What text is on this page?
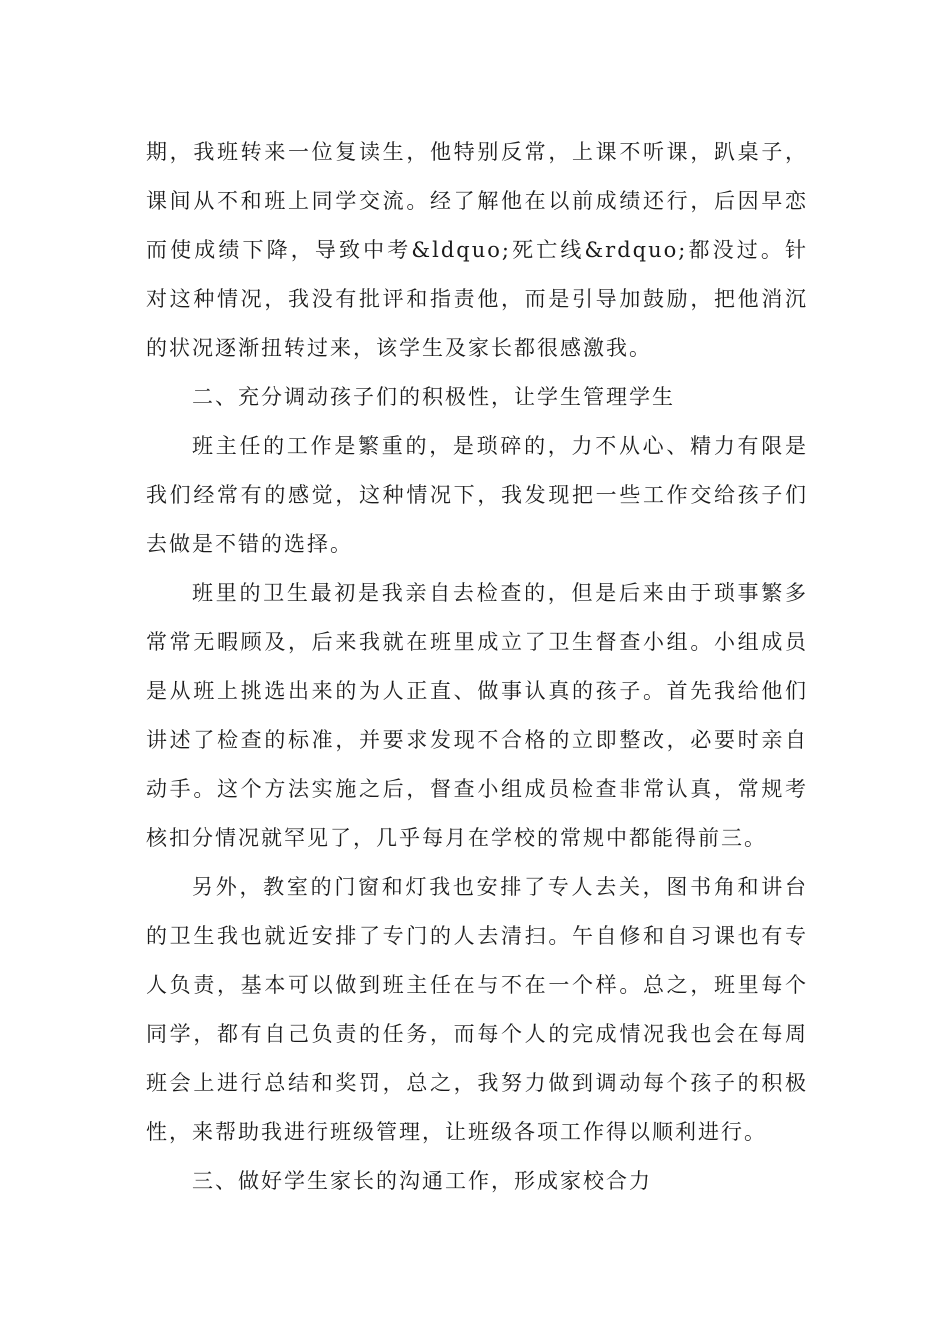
期，我班转来一位复读生，他特别反常，上课不听课，趴桌子，课间从不和班上同学交流。经了解他在以前成绩还行，后因早恋而使成绩下降，导致中考&ldquo;死亡线&rdquo;都没过。针对这种情况，我没有批评和指责他，而是引导加鼓励，把他消沉的状况逐渐扭转过来，该学生及家长都很感激我。

二、充分调动孩子们的积极性，让学生管理学生

班主任的工作是繁重的，是琐碎的，力不从心、精力有限是我们经常有的感觉，这种情况下，我发现把一些工作交给孩子们去做是不错的选择。

班里的卫生最初是我亲自去检查的，但是后来由于琐事繁多常常无暇顾及，后来我就在班里成立了卫生督查小组。小组成员是从班上挑选出来的为人正直、做事认真的孩子。首先我给他们讲述了检查的标准，并要求发现不合格的立即整改，必要时亲自动手。这个方法实施之后，督查小组成员检查非常认真，常规考核扣分情况就罕见了，几乎每月在学校的常规中都能得前三。

另外，教室的门窗和灯我也安排了专人去关，图书角和讲台的卫生我也就近安排了专门的人去清扫。午自修和自习课也有专人负责，基本可以做到班主任在与不在一个样。总之，班里每个同学，都有自己负责的任务，而每个人的完成情况我也会在每周班会上进行总结和奖罚，总之，我努力做到调动每个孩子的积极性，来帮助我进行班级管理，让班级各项工作得以顺利进行。

三、做好学生家长的沟通工作，形成家校合力
